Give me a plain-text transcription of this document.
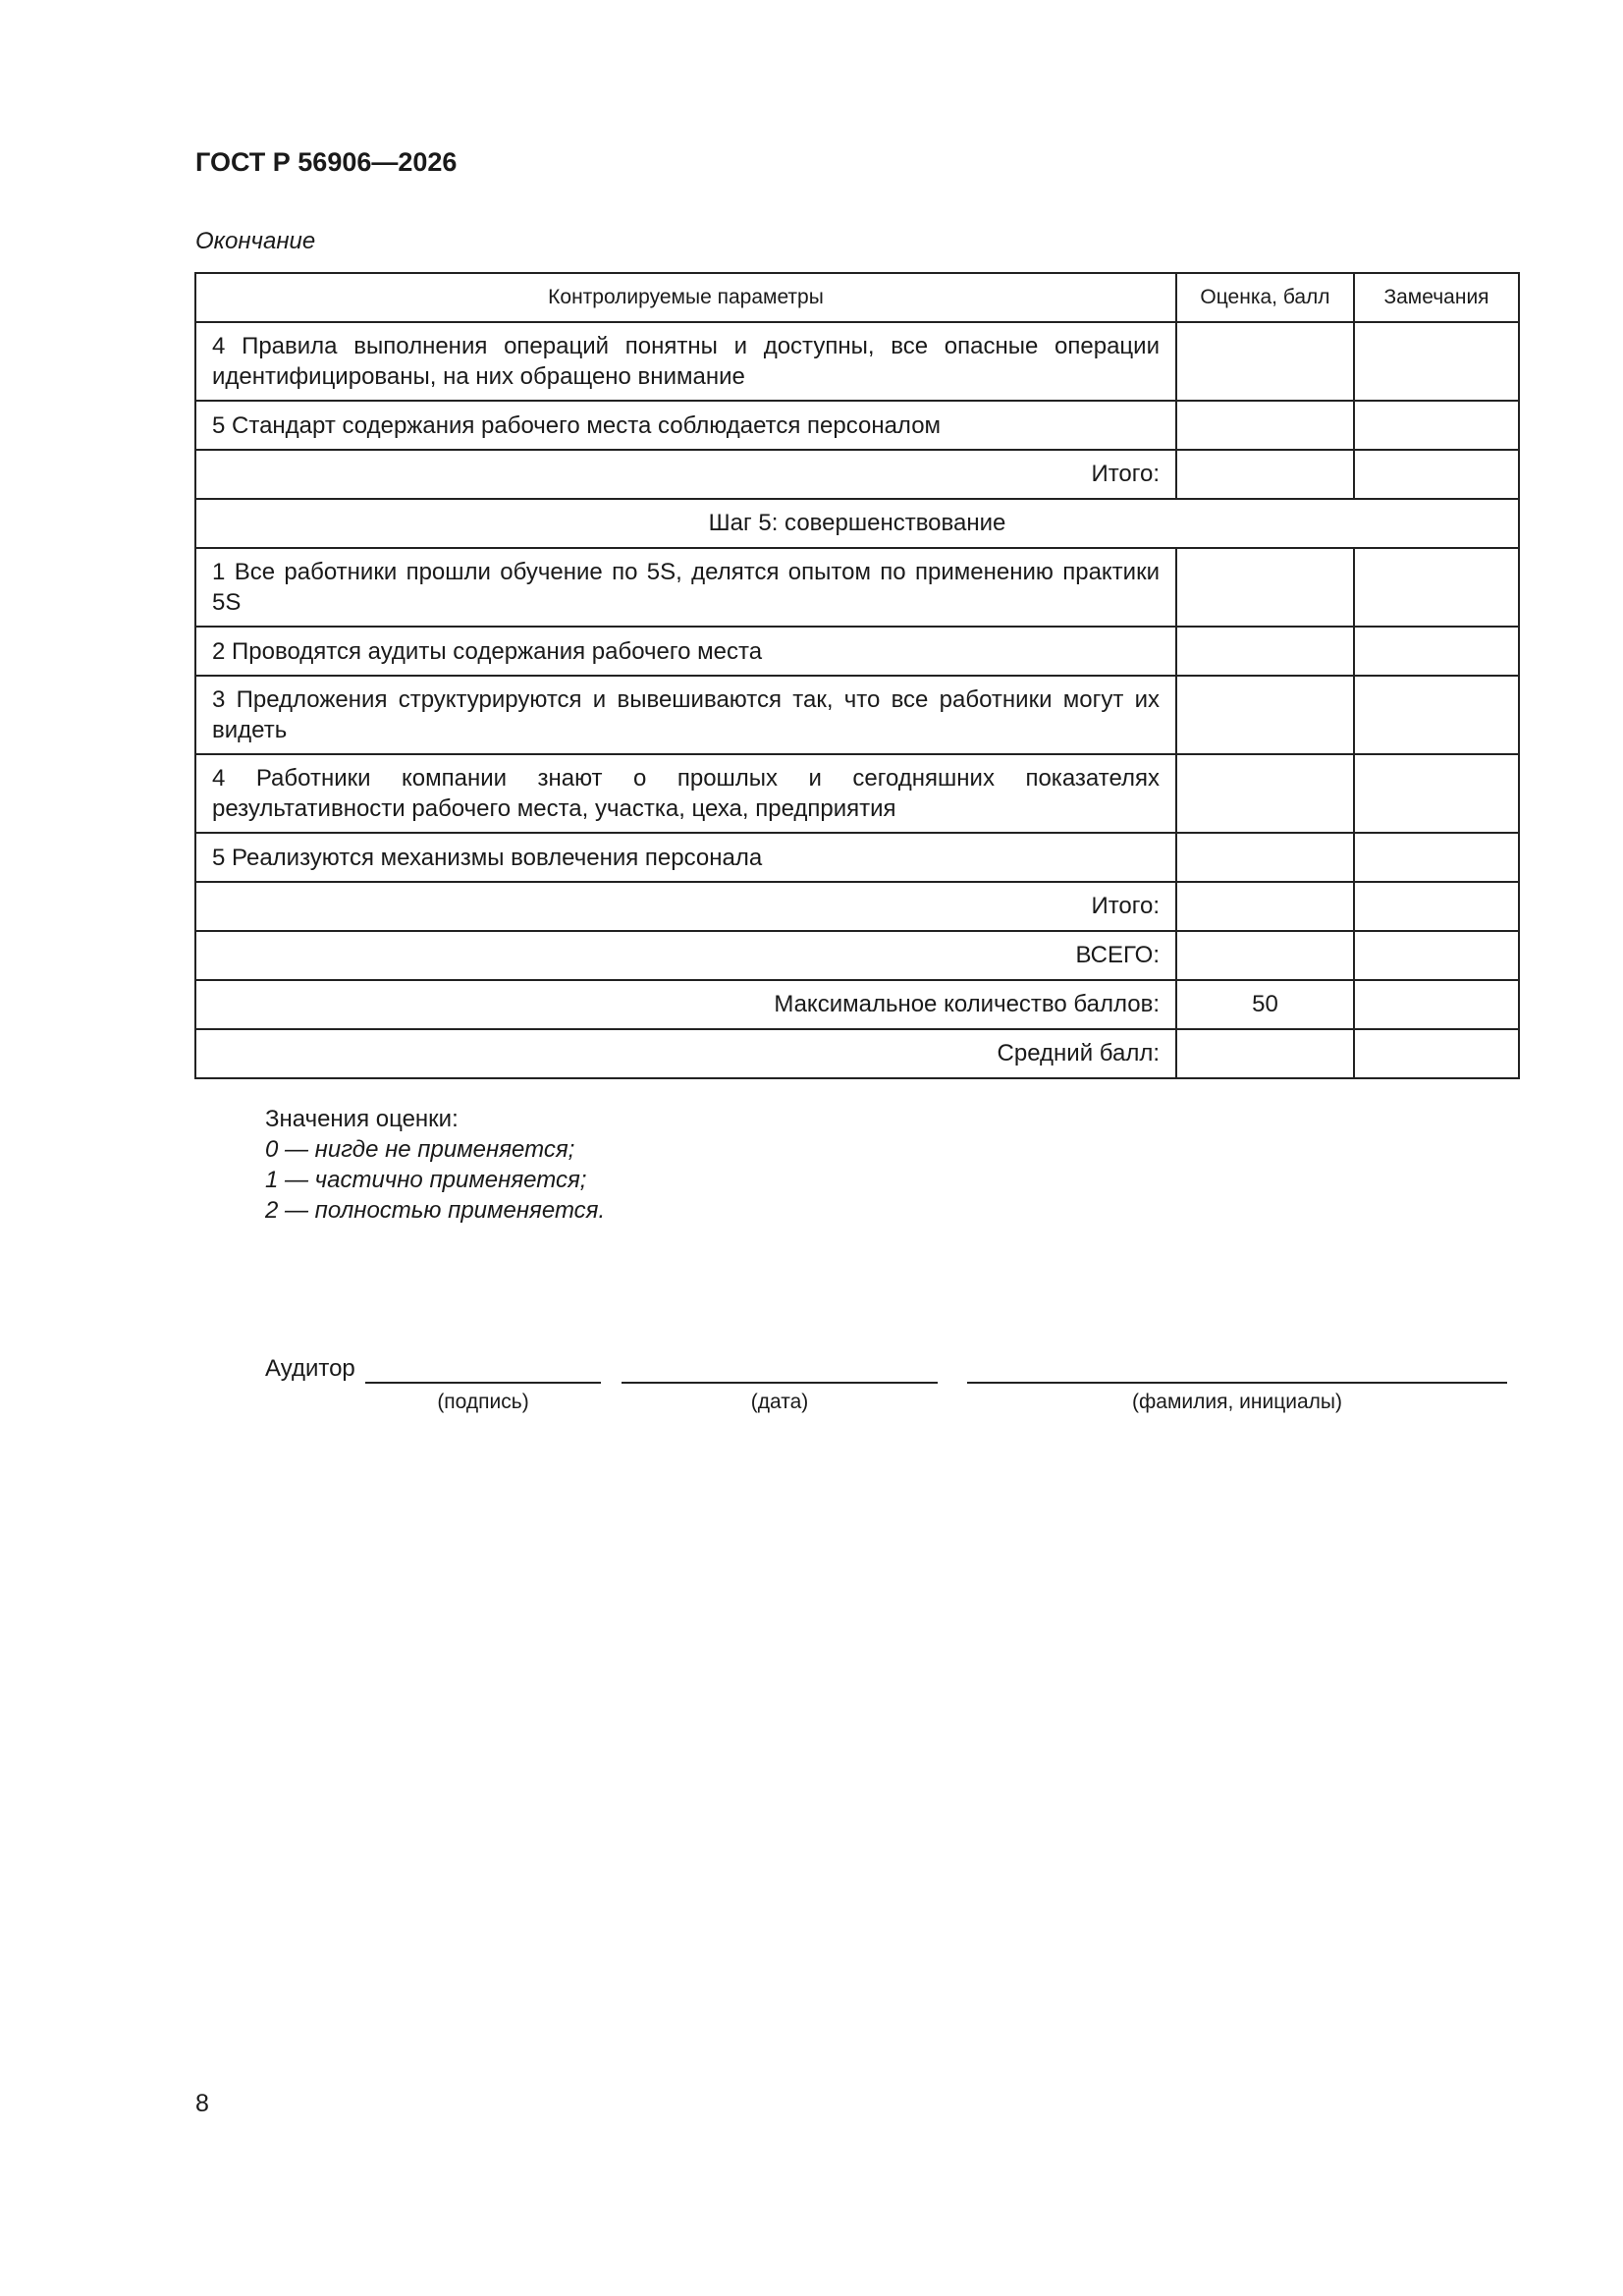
ГОСТ Р 56906—2026
Окончание
Контролируемые параметры	Оценка, балл	Замечания
4 Правила выполнения операций понятны и доступны, все опасные операции идентифицированы, на них обращено внимание		
5 Стандарт содержания рабочего места соблюдается персоналом		
Итого:		
Шаг 5: совершенствование		
1 Все работники прошли обучение по 5S, делятся опытом по применению практики 5S		
2 Проводятся аудиты содержания рабочего места		
3 Предложения структурируются и вывешиваются так, что все работники могут их видеть		
4 Работники компании знают о прошлых и сегодняшних показателях результативности рабочего места, участка, цеха, предприятия		
5 Реализуются механизмы вовлечения персонала		
Итого:		
ВСЕГО:		
Максимальное количество баллов:	50	
Средний балл:		
Значения оценки:
0 — нигде не применяется;
1 — частично применяется;
2 — полностью применяется.
Аудитор
(подпись)	(дата)	(фамилия, инициалы)
8
